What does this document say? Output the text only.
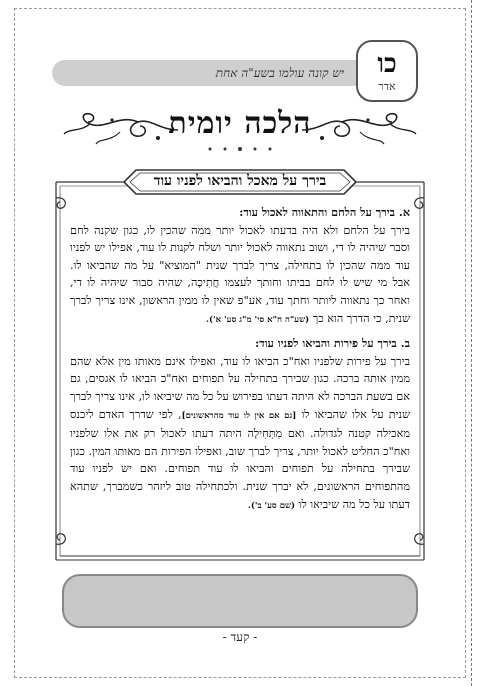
יש קונה עולמו בשע"ה אחת	כו
אדר
הלכה יומית
בירך על מאכל והביאו לפניו עוד

א. בירך על הלחם והתאווה לאכול עוד:

בירך על הלחם ולא היה בדעתו לאכול יותר ממה שהכין לו, כגון שקנה לחם וסבר שיהיה לו די, ושוב נתאווה לאכול יותר ושלח לקנות לו עוד, אפילו יש לפניו עוד ממה שהכין לו בתחילה, צריך לברך שנית "המוציא" על מה שהביאו לו. אבל מי שיש לו לחם בביתו וחותך לעצמו חֲתִיכָה, שהיה סבור שיהיה לו די, ואחר כך נתאווה ליותר וחתך עוד, אע"פ שאין לו ממין הראשון, אינו צריך לברך שנית, כי הדרך הוא כך (שע"ה ח"א סי' מ"ג סע' א').

ב. בירך על פירות והביאו לפניו עוד:

בירך על פירות שלפניו ואח"כ הביאו לו עוד, ואפילו אינם מאותו מין אלא שהם ממין אותה ברכה. כגון שבירך בתחילה על תפוחים ואח"כ הביאו לו אגסים, גם אם בשעת הברכה לא היתה דעתו בפירוש על כל מה שיביאו לו, אינו צריך לברך שנית על אלו שהביאו לו [גם אם אין לו עוד מהראשונים], לפי שדרך האדם ליכנס מאכילה קטנה לגדולה. ואם מִתְּחִילָה היתה דעתו לאכול רק את אלו שלפניו ואח"כ החליט לאכול יותר, צריך לברך שוב, ואפילו הפירות הם מאותו המין. כגון שבירך בתחילה על תפוחים והביאו לו עוד תפוחים. ואם יש לפניו עוד מהתפוחים הראשונים, לא יברך שנית. ולכתחילה טוב ליזהר כשמברך, שתהא דעתו על כל מה שיביאו לו (שם סע' ב').

- קעד -
